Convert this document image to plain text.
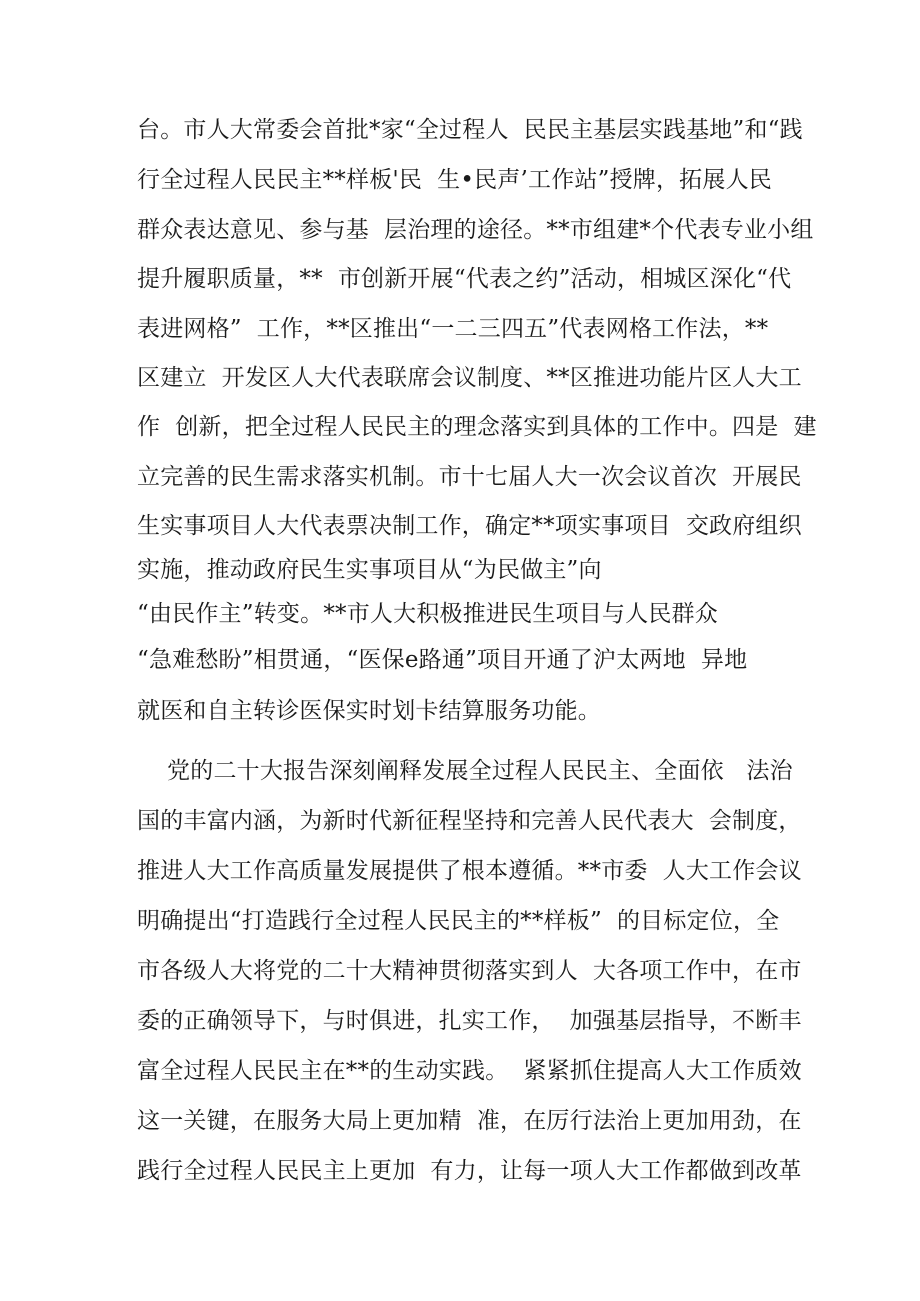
台。市人大常委会首批*家“全过程人  民民主基层实践基地”和“践
行全过程人民民主**样板'民  生•民声’工作站”授牌，拓展人民
群众表达意见、参与基  层治理的途径。**市组建*个代表专业小组
提升履职质量，**  市创新开展“代表之约”活动，相城区深化“代
表进网格”  工作，**区推出“一二三四五”代表网格工作法，**
区建立  开发区人大代表联席会议制度、**区推进功能片区人大工
作  创新，把全过程人民民主的理念落实到具体的工作中。四是  建
立完善的民生需求落实机制。市十七届人大一次会议首次  开展民
生实事项目人大代表票决制工作，确定**项实事项目  交政府组织
实施，推动政府民生实事项目从“为民做主”向
“由民作主”转变。**市人大积极推进民生项目与人民群众
“急难愁盼”相贯通，“医保e路通”项目开通了沪太两地  异地
就医和自主转诊医保实时划卡结算服务功能。
党的二十大报告深刻阐释发展全过程人民民主、全面依   法治
国的丰富内涵，为新时代新征程坚持和完善人民代表大  会制度，
推进人大工作高质量发展提供了根本遵循。**市委  人大工作会议
明确提出“打造践行全过程人民民主的**样板”  的目标定位，全
市各级人大将党的二十大精神贯彻落实到人  大各项工作中，在市
委的正确领导下，与时俱进，扎实工作，  加强基层指导，不断丰
富全过程人民民主在**的生动实践。  紧紧抓住提高人大工作质效
这一关键，在服务大局上更加精  准，在厉行法治上更加用劲，在
践行全过程人民民主上更加  有力，让每一项人大工作都做到改革
